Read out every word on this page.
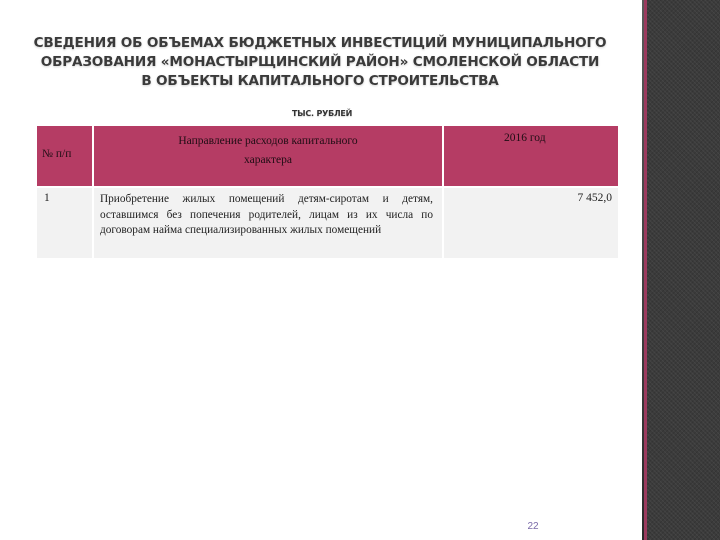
СВЕДЕНИЯ ОБ ОБЪЕМАХ БЮДЖЕТНЫХ ИНВЕСТИЦИЙ МУНИЦИПАЛЬНОГО
ОБРАЗОВАНИЯ «МОНАСТЫРЩИНСКИЙ РАЙОН» СМОЛЕНСКОЙ ОБЛАСТИ
В ОБЪЕКТЫ КАПИТАЛЬНОГО СТРОИТЕЛЬСТВА
ТЫС. РУБЛЕЙ
№ п/п
Направление расходов капитального характера
2016 год
1	Приобретение жилых помещений детям-сиротам и детям, оставшимся без попечения родителей, лицам из их числа по договорам найма специализированных жилых помещений
7 452,0
22
